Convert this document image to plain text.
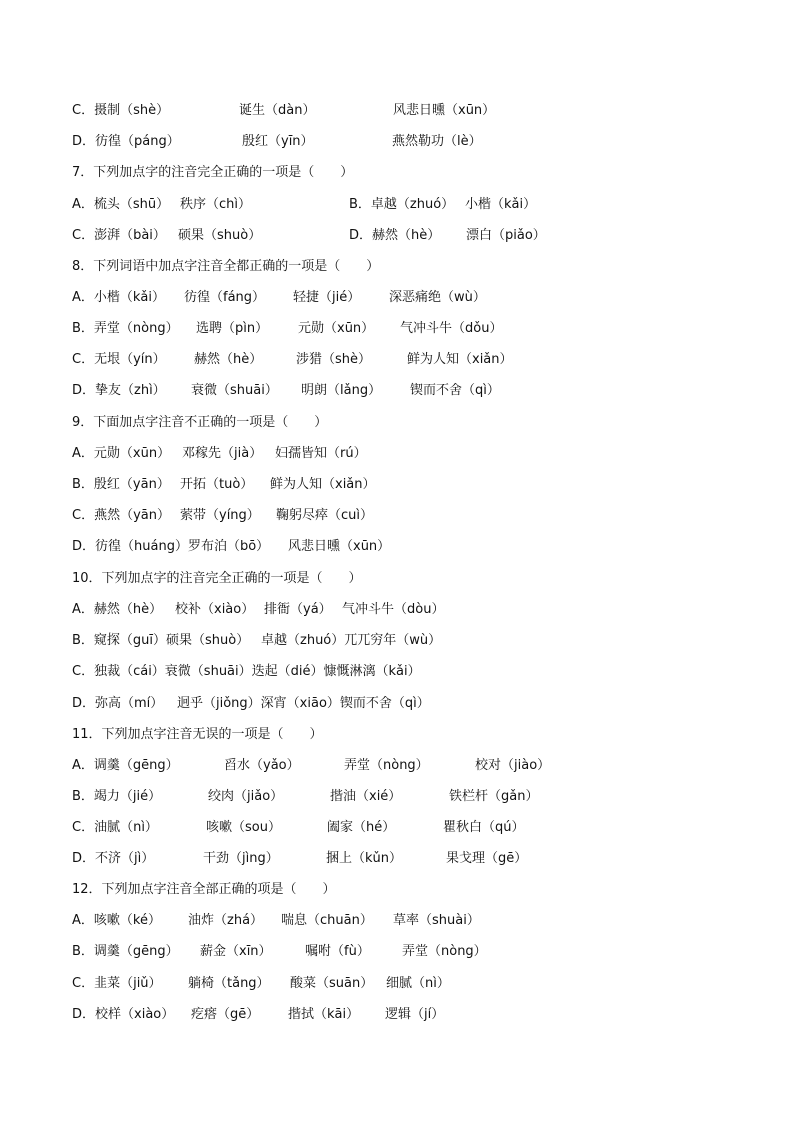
C．摄制（shè）	诞生（dàn）	风悲日曛（xūn）
D．彷徨（páng）	殷红（yīn）	燕然勒功（lè）
7．下列加点字的注音完全正确的一项是（　　）
A．梳头（shū） 秩序（chì）	B．卓越（zhuó） 小楷（kǎi）
C．澎湃（bài） 硕果（shuò）	D．赫然（hè） 漂白（piǎo）
8．下列词语中加点字注音全都正确的一项是（　　）
A．小楷（kǎi） 彷徨（fáng） 轻捷（jié） 深恶痛绝（wù）
B．弄堂（nòng） 选聘（pìn） 元勋（xūn） 气冲斗牛（dǒu）
C．无垠（yín） 赫然（hè）	涉猎（shè）	鲜为人知（xiǎn）
D．挚友（zhì） 衰微（shuāi） 明朗（lǎng） 锲而不舍（qì）
9．下面加点字注音不正确的一项是（　　）
A．元勋（xūn） 邓稼先（jià） 妇孺皆知（rú）
B．殷红（yān） 开拓（tuò） 鲜为人知（xiǎn）
C．燕然（yān） 萦带（yíng） 鞠躬尽瘁（cuì）
D．彷徨（huáng）罗布泊（bō） 风悲日曛（xūn）
10．下列加点字的注音完全正确的一项是（　　）
A．赫然（hè） 校补（xiào） 排衙（yá） 气冲斗牛（dòu）
B．窥探（guī）硕果（shuò） 卓越（zhuó）兀兀穷年（wù）
C．独裁（cái）衰微（shuāi）迭起（dié）慷慨淋漓（kǎi）
D．弥高（mí） 迥乎（jiǒng）深宵（xiāo）锲而不舍（qì）
11．下列加点字注音无误的一项是（　　）
A．调羹（gēng）	舀水（yǎo）	弄堂（nòng）	校对（jiào）
B．竭力（jié）	绞肉（jiǎo）	揩油（xié）	铁栏杆（gǎn）
C．油腻（nì）	咳嗽（sou）	阖家（hé）	瞿秋白（qú）
D．不济（jì）	干劲（jìng）	捆上（kǔn）	果戈理（gē）
12．下列加点字注音全部正确的项是（　　）
A．咳嗽（ké） 油炸（zhá） 喘息（chuān） 草率（shuài）
B．调羹（gēng） 薪金（xīn）	嘱咐（fù） 弄堂（nòng）
C．韭菜（jiǔ） 躺椅（tǎng） 酸菜（suān） 细腻（nì）
D．校样（xiào） 疙瘩（gē） 揩拭（kāi） 逻辑（jí）
